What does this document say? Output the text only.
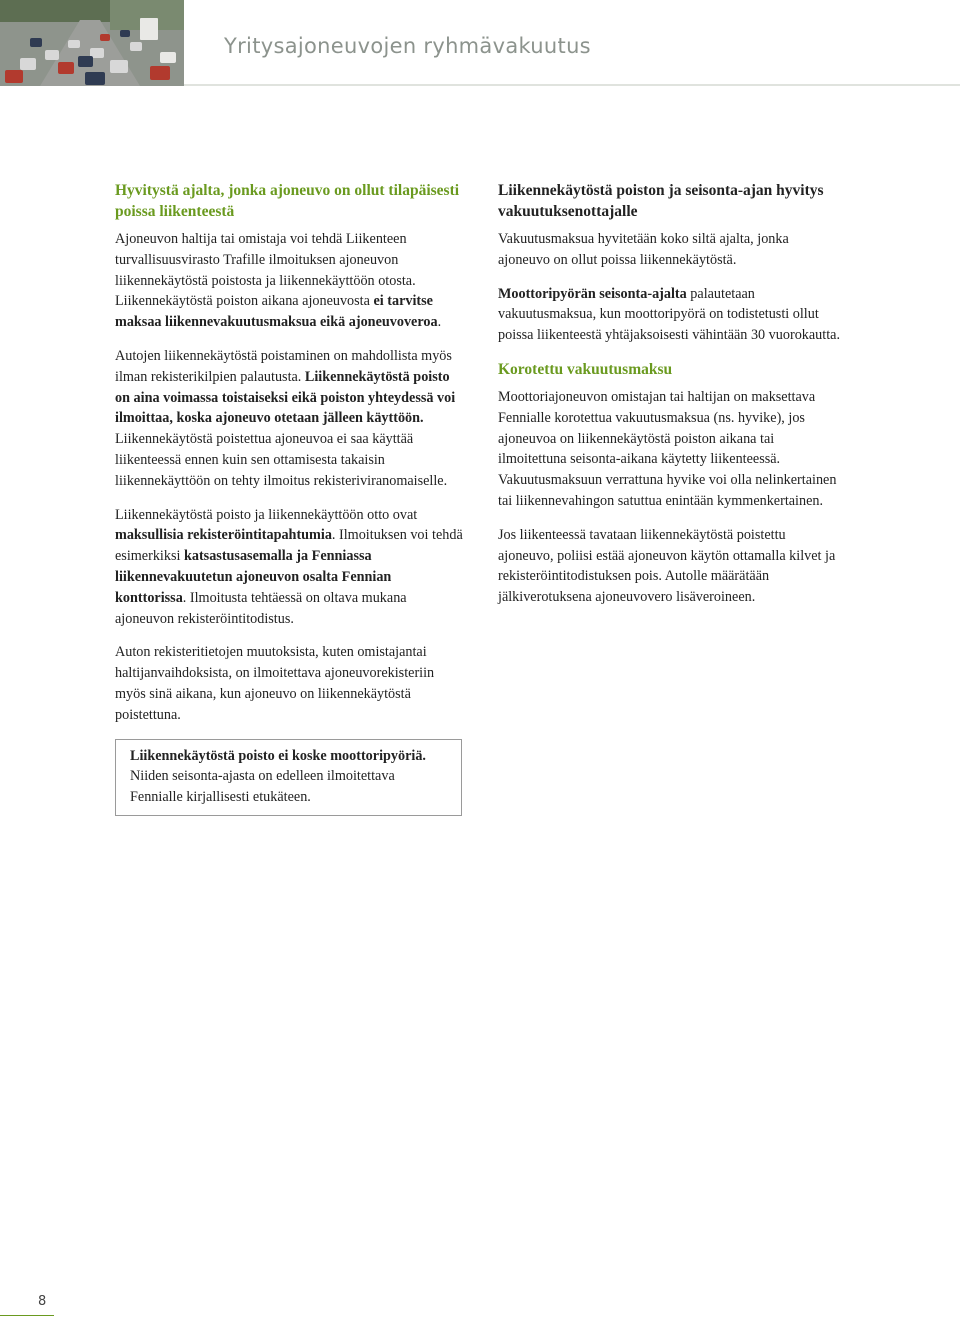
Yritysajoneuvojen ryhmävakuutus
Hyvitystä ajalta, jonka ajoneuvo on ollut tilapäisesti poissa liikenteestä

Ajoneuvon haltija tai omistaja voi tehdä Liikenteen turvallisuusvirasto Trafille ilmoituksen ajoneuvon liikennekäytöstä poistosta ja liikennekäyttöön otosta. Liikennekäytöstä poiston aikana ajoneuvosta ei tarvitse maksaa liikennevakuutusmaksua eikä ajoneuvoveroa.

Autojen liikennekäytöstä poistaminen on mahdollista myös ilman rekisterikilpien palautusta. Liikennekäytöstä poisto on aina voimassa toistaiseksi eikä poiston yhteydessä voi ilmoittaa, koska ajoneuvo otetaan jälleen käyttöön. Liikennekäytöstä poistettua ajoneuvoa ei saa käyttää liikenteessä ennen kuin sen ottamisesta takaisin liikennekäyttöön on tehty ilmoitus rekisteriviranomaiselle.

Liikennekäytöstä poisto ja liikennekäyttöön otto ovat maksullisia rekisteröintitapahtumia. Ilmoituksen voi tehdä esimerkiksi katsastusasemalla ja Fenniassa liikennevakuutetun ajoneuvon osalta Fennian konttorissa. Ilmoitusta tehtäessä on oltava mukana ajoneuvon rekisteröintitodistus.

Auton rekisteritietojen muutoksista, kuten omistajantai haltijanvaihdoksista, on ilmoitettava ajoneuvorekisteriin myös sinä aikana, kun ajoneuvo on liikennekäytöstä poistettuna.

Liikennekäytöstä poisto ei koske moottoripyöriä. Niiden seisonta-ajasta on edelleen ilmoitettava Fennialle kirjallisesti etukäteen.

Liikennekäytöstä poiston ja seisonta-ajan hyvitys vakuutuksenottajalle

Vakuutusmaksua hyvitetään koko siltä ajalta, jonka ajoneuvo on ollut poissa liikennekäytöstä.

Moottoripyörän seisonta-ajalta palautetaan vakuutusmaksua, kun moottoripyörä on todistetusti ollut poissa liikenteestä yhtäjaksoisesti vähintään 30 vuorokautta.

Korotettu vakuutusmaksu

Moottoriajoneuvon omistajan tai haltijan on maksettava Fennialle korotettua vakuutusmaksua (ns. hyvike), jos ajoneuvoa on liikennekäytöstä poiston aikana tai ilmoitettuna seisonta-aikana käytetty liikenteessä. Vakuutusmaksuun verrattuna hyvike voi olla nelinkertainen tai liikennevahingon satuttua enintään kymmenkertainen.

Jos liikenteessä tavataan liikennekäytöstä poistettu ajoneuvo, poliisi estää ajoneuvon käytön ottamalla kilvet ja rekisteröintitodistuksen pois. Autolle määrätään jälkiverotuksena ajoneuvovero lisäveroineen.

8
